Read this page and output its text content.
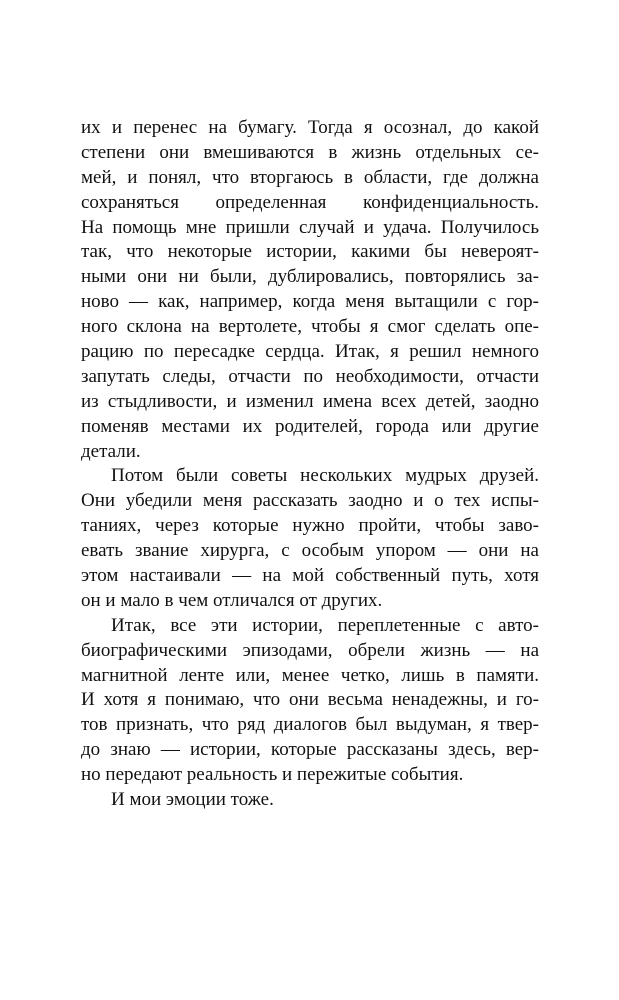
их и перенес на бумагу. Тогда я осознал, до какой
степени они вмешиваются в жизнь отдельных се-
мей, и понял, что вторгаюсь в области, где должна
сохраняться определенная конфиденциальность.
На помощь мне пришли случай и удача. Получилось
так, что некоторые истории, какими бы невероят-
ными они ни были, дублировались, повторялись за-
ново — как, например, когда меня вытащили с гор-
ного склона на вертолете, чтобы я смог сделать опе-
рацию по пересадке сердца. Итак, я решил немного
запутать следы, отчасти по необходимости, отчасти
из стыдливости, и изменил имена всех детей, заодно
поменяв местами их родителей, города или другие
детали.
Потом были советы нескольких мудрых друзей.
Они убедили меня рассказать заодно и о тех испы-
таниях, через которые нужно пройти, чтобы заво-
евать звание хирурга, с особым упором — они на
этом настаивали — на мой собственный путь, хотя
он и мало в чем отличался от других.
Итак, все эти истории, переплетенные с авто-
биографическими эпизодами, обрели жизнь — на
магнитной ленте или, менее четко, лишь в памяти.
И хотя я понимаю, что они весьма ненадежны, и го-
тов признать, что ряд диалогов был выдуман, я твер-
до знаю — истории, которые рассказаны здесь, вер-
но передают реальность и пережитые события.
И мои эмоции тоже.
